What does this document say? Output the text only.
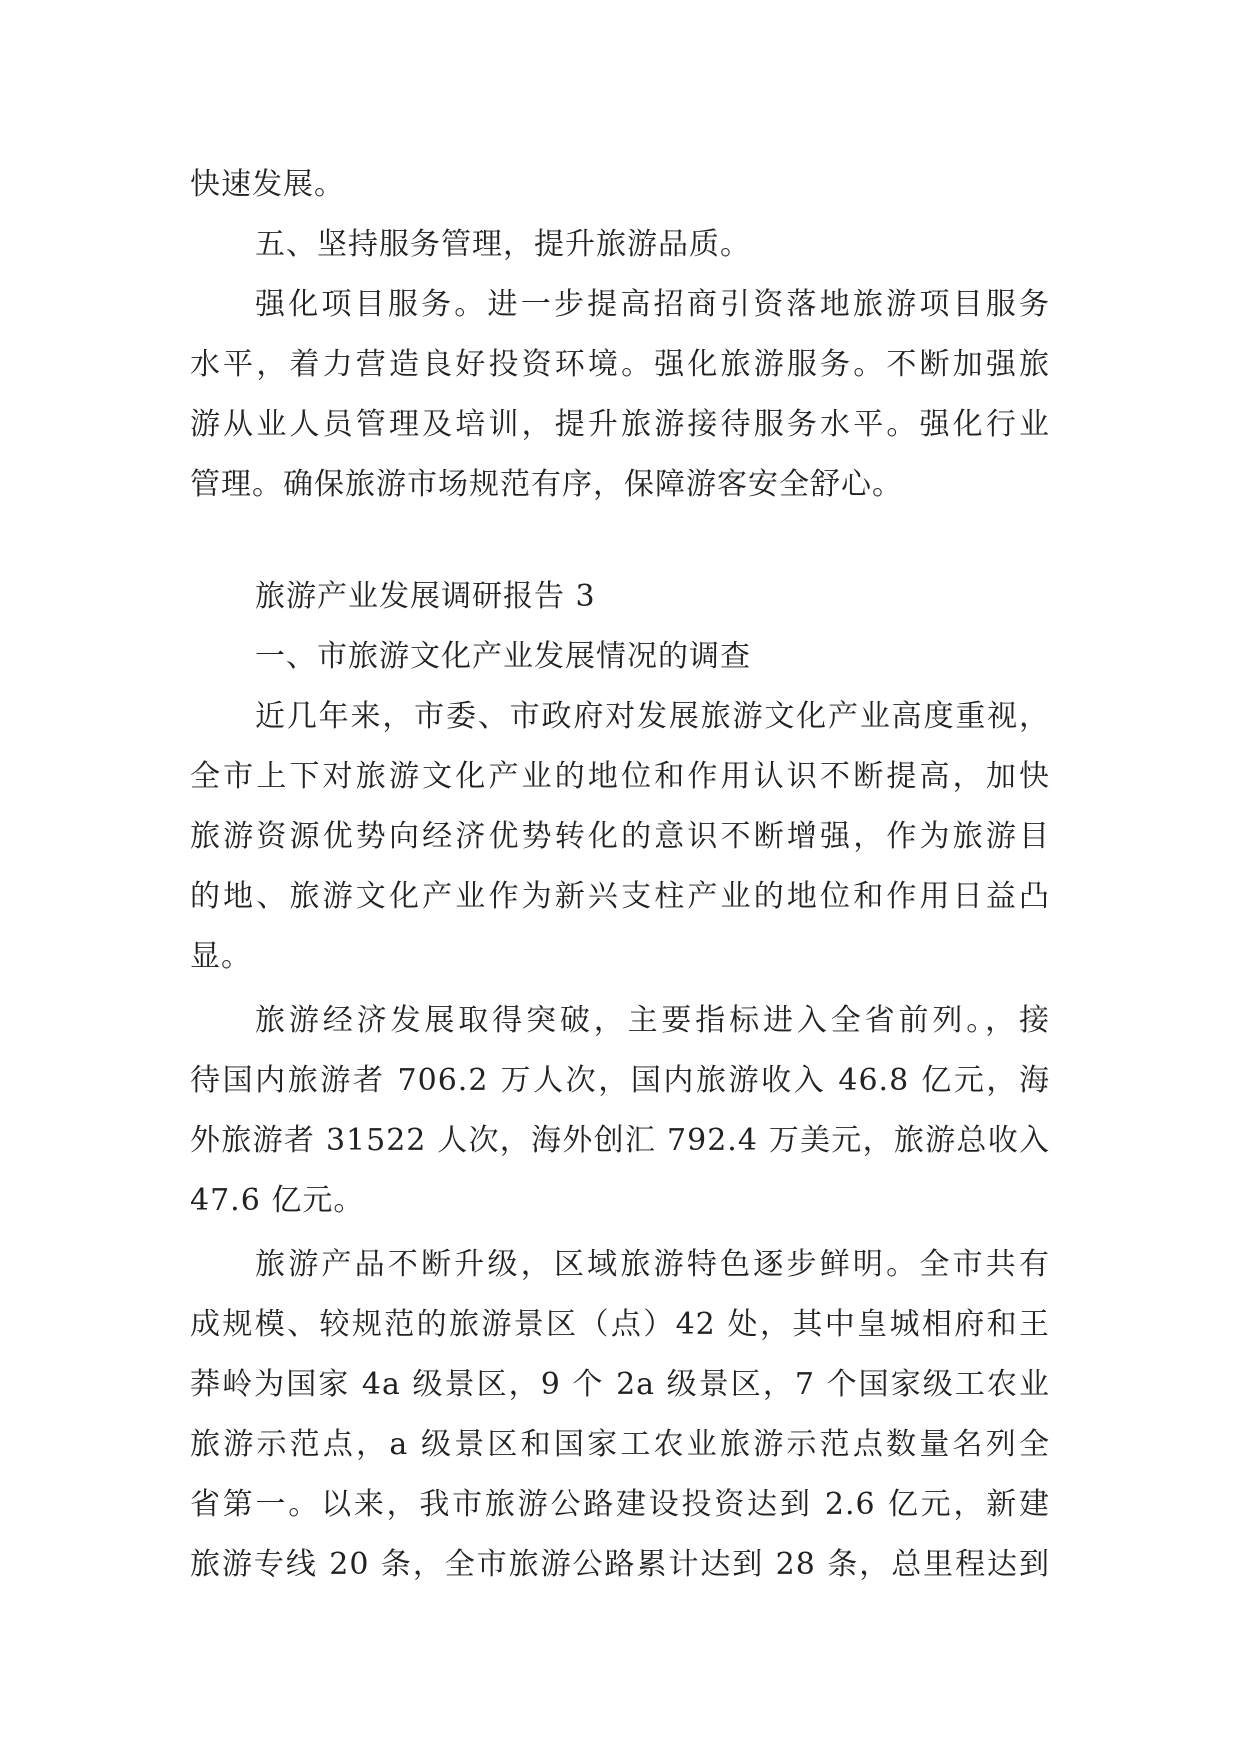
快速发展。
五、坚持服务管理，提升旅游品质。
强化项目服务。进一步提高招商引资落地旅游项目服务
水平，着力营造良好投资环境。强化旅游服务。不断加强旅
游从业人员管理及培训，提升旅游接待服务水平。强化行业
管理。确保旅游市场规范有序，保障游客安全舒心。
旅游产业发展调研报告 3
一、市旅游文化产业发展情况的调查
近几年来，市委、市政府对发展旅游文化产业高度重视，
全市上下对旅游文化产业的地位和作用认识不断提高，加快
旅游资源优势向经济优势转化的意识不断增强，作为旅游目
的地、旅游文化产业作为新兴支柱产业的地位和作用日益凸
显。
旅游经济发展取得突破，主要指标进入全省前列。，接
待国内旅游者 706.2 万人次，国内旅游收入 46.8 亿元，海
外旅游者 31522 人次，海外创汇 792.4 万美元，旅游总收入
47.6 亿元。
旅游产品不断升级，区域旅游特色逐步鲜明。全市共有
成规模、较规范的旅游景区（点）42 处，其中皇城相府和王
莽岭为国家 4a 级景区，9 个 2a 级景区，7 个国家级工农业
旅游示范点，a 级景区和国家工农业旅游示范点数量名列全
省第一。以来，我市旅游公路建设投资达到 2.6 亿元，新建
旅游专线 20 条，全市旅游公路累计达到 28 条，总里程达到
